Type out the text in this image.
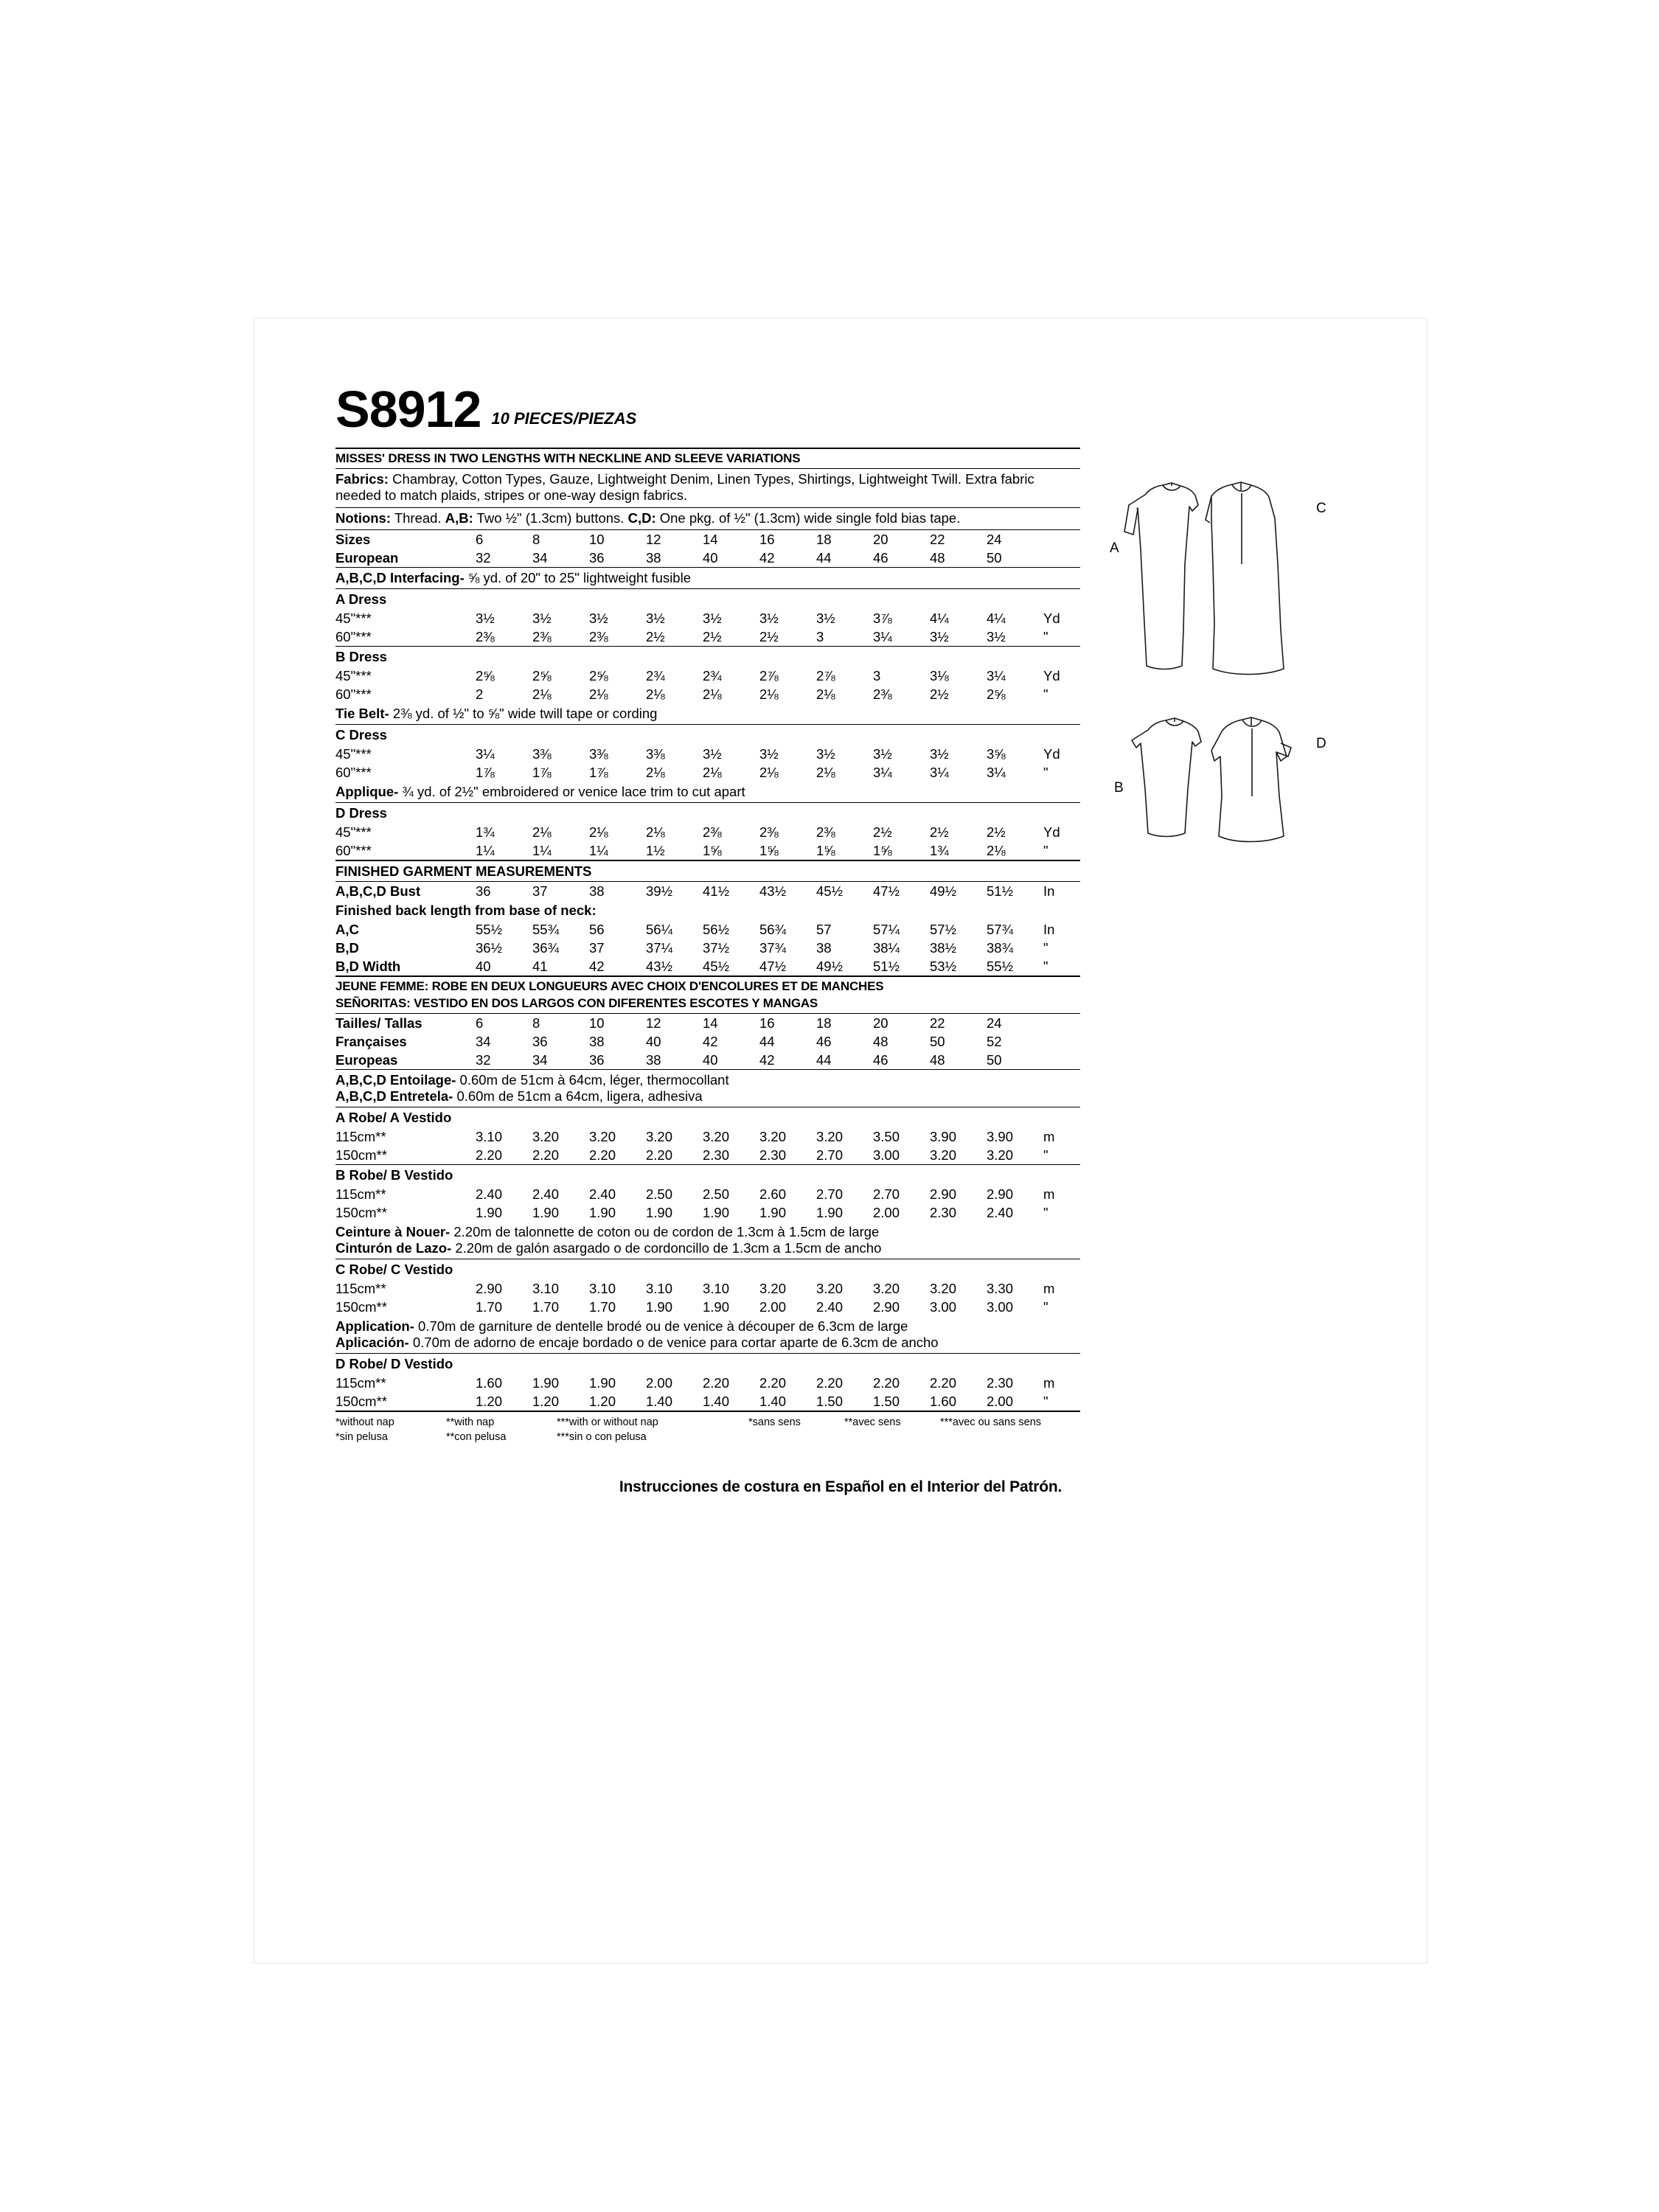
S8912 10 PIECES/PIEZAS
MISSES' DRESS IN TWO LENGTHS WITH NECKLINE AND SLEEVE VARIATIONS
Fabrics: Chambray, Cotton Types, Gauze, Lightweight Denim, Linen Types, Shirtings, Lightweight Twill. Extra fabric needed to match plaids, stripes or one-way design fabrics.
Notions: Thread. A,B: Two ½" (1.3cm) buttons. C,D: One pkg. of ½" (1.3cm) wide single fold bias tape.
Sizes	6	8	10	12	14	16	18	20	22	24	
European	32	34	36	38	40	42	44	46	48	50	
A,B,C,D Interfacing- ⅝ yd. of 20" to 25" lightweight fusible
A Dress
45"***	3½	3½	3½	3½	3½	3½	3½	3⅞	4¼	4¼	Yd
60"***	2⅜	2⅜	2⅜	2½	2½	2½	3	3¼	3½	3½	"
B Dress
45"***	2⅝	2⅝	2⅝	2¾	2¾	2⅞	2⅞	3	3⅛	3¼	Yd
60"***	2	2⅛	2⅛	2⅛	2⅛	2⅛	2⅛	2⅜	2½	2⅝	"
Tie Belt- 2⅜ yd. of ½" to ⅝" wide twill tape or cording
C Dress
45"***	3¼	3⅜	3⅜	3⅜	3½	3½	3½	3½	3½	3⅝	Yd
60"***	1⅞	1⅞	1⅞	2⅛	2⅛	2⅛	2⅛	3¼	3¼	3¼	"
Applique- ¾ yd. of 2½" embroidered or venice lace trim to cut apart
D Dress
45"***	1¾	2⅛	2⅛	2⅛	2⅜	2⅜	2⅜	2½	2½	2½	Yd
60"***	1¼	1¼	1¼	1½	1⅝	1⅝	1⅝	1⅝	1¾	2⅛	"
FINISHED GARMENT MEASUREMENTS
A,B,C,D Bust	36	37	38	39½	41½	43½	45½	47½	49½	51½	In
Finished back length from base of neck:
A,C	55½	55¾	56	56¼	56½	56¾	57	57¼	57½	57¾	In
B,D	36½	36¾	37	37¼	37½	37¾	38	38¼	38½	38¾	"
B,D Width	40	41	42	43½	45½	47½	49½	51½	53½	55½	"
JEUNE FEMME: ROBE EN DEUX LONGUEURS AVEC CHOIX D'ENCOLURES ET DE MANCHES
SEÑORITAS: VESTIDO EN DOS LARGOS CON DIFERENTES ESCOTES Y MANGAS
Tailles/ Tallas	6	8	10	12	14	16	18	20	22	24	
Françaises	34	36	38	40	42	44	46	48	50	52	
Europeas	32	34	36	38	40	42	44	46	48	50	
A,B,C,D Entoilage- 0.60m de 51cm à 64cm, léger, thermocollant
A,B,C,D Entretela- 0.60m de 51cm a 64cm, ligera, adhesiva
A Robe/ A Vestido
115cm**	3.10	3.20	3.20	3.20	3.20	3.20	3.20	3.50	3.90	3.90	m
150cm**	2.20	2.20	2.20	2.20	2.30	2.30	2.70	3.00	3.20	3.20	"
B Robe/ B Vestido
115cm**	2.40	2.40	2.40	2.50	2.50	2.60	2.70	2.70	2.90	2.90	m
150cm**	1.90	1.90	1.90	1.90	1.90	1.90	1.90	2.00	2.30	2.40	"
Ceinture à Nouer- 2.20m de talonnette de coton ou de cordon de 1.3cm à 1.5cm de large
Cinturón de Lazo- 2.20m de galón asargado o de cordoncillo de 1.3cm a 1.5cm de ancho
C Robe/ C Vestido
115cm**	2.90	3.10	3.10	3.10	3.10	3.20	3.20	3.20	3.20	3.30	m
150cm**	1.70	1.70	1.70	1.90	1.90	2.00	2.40	2.90	3.00	3.00	"
Application- 0.70m de garniture de dentelle brodé ou de venice à découper de 6.3cm de large
Aplicación- 0.70m de adorno de encaje bordado o de venice para cortar aparte de 6.3cm de ancho
D Robe/ D Vestido
115cm**	1.60	1.90	1.90	2.00	2.20	2.20	2.20	2.20	2.20	2.30	m
150cm**	1.20	1.20	1.20	1.40	1.40	1.40	1.50	1.50	1.60	2.00	"
*without nap	**with nap	***with or without nap
*sin pelusa	**con pelusa	***sin o con pelusa
*sans sens	**avec sens	***avec ou sans sens
C
A
D
B
Instrucciones de costura en Español en el Interior del Patrón.
